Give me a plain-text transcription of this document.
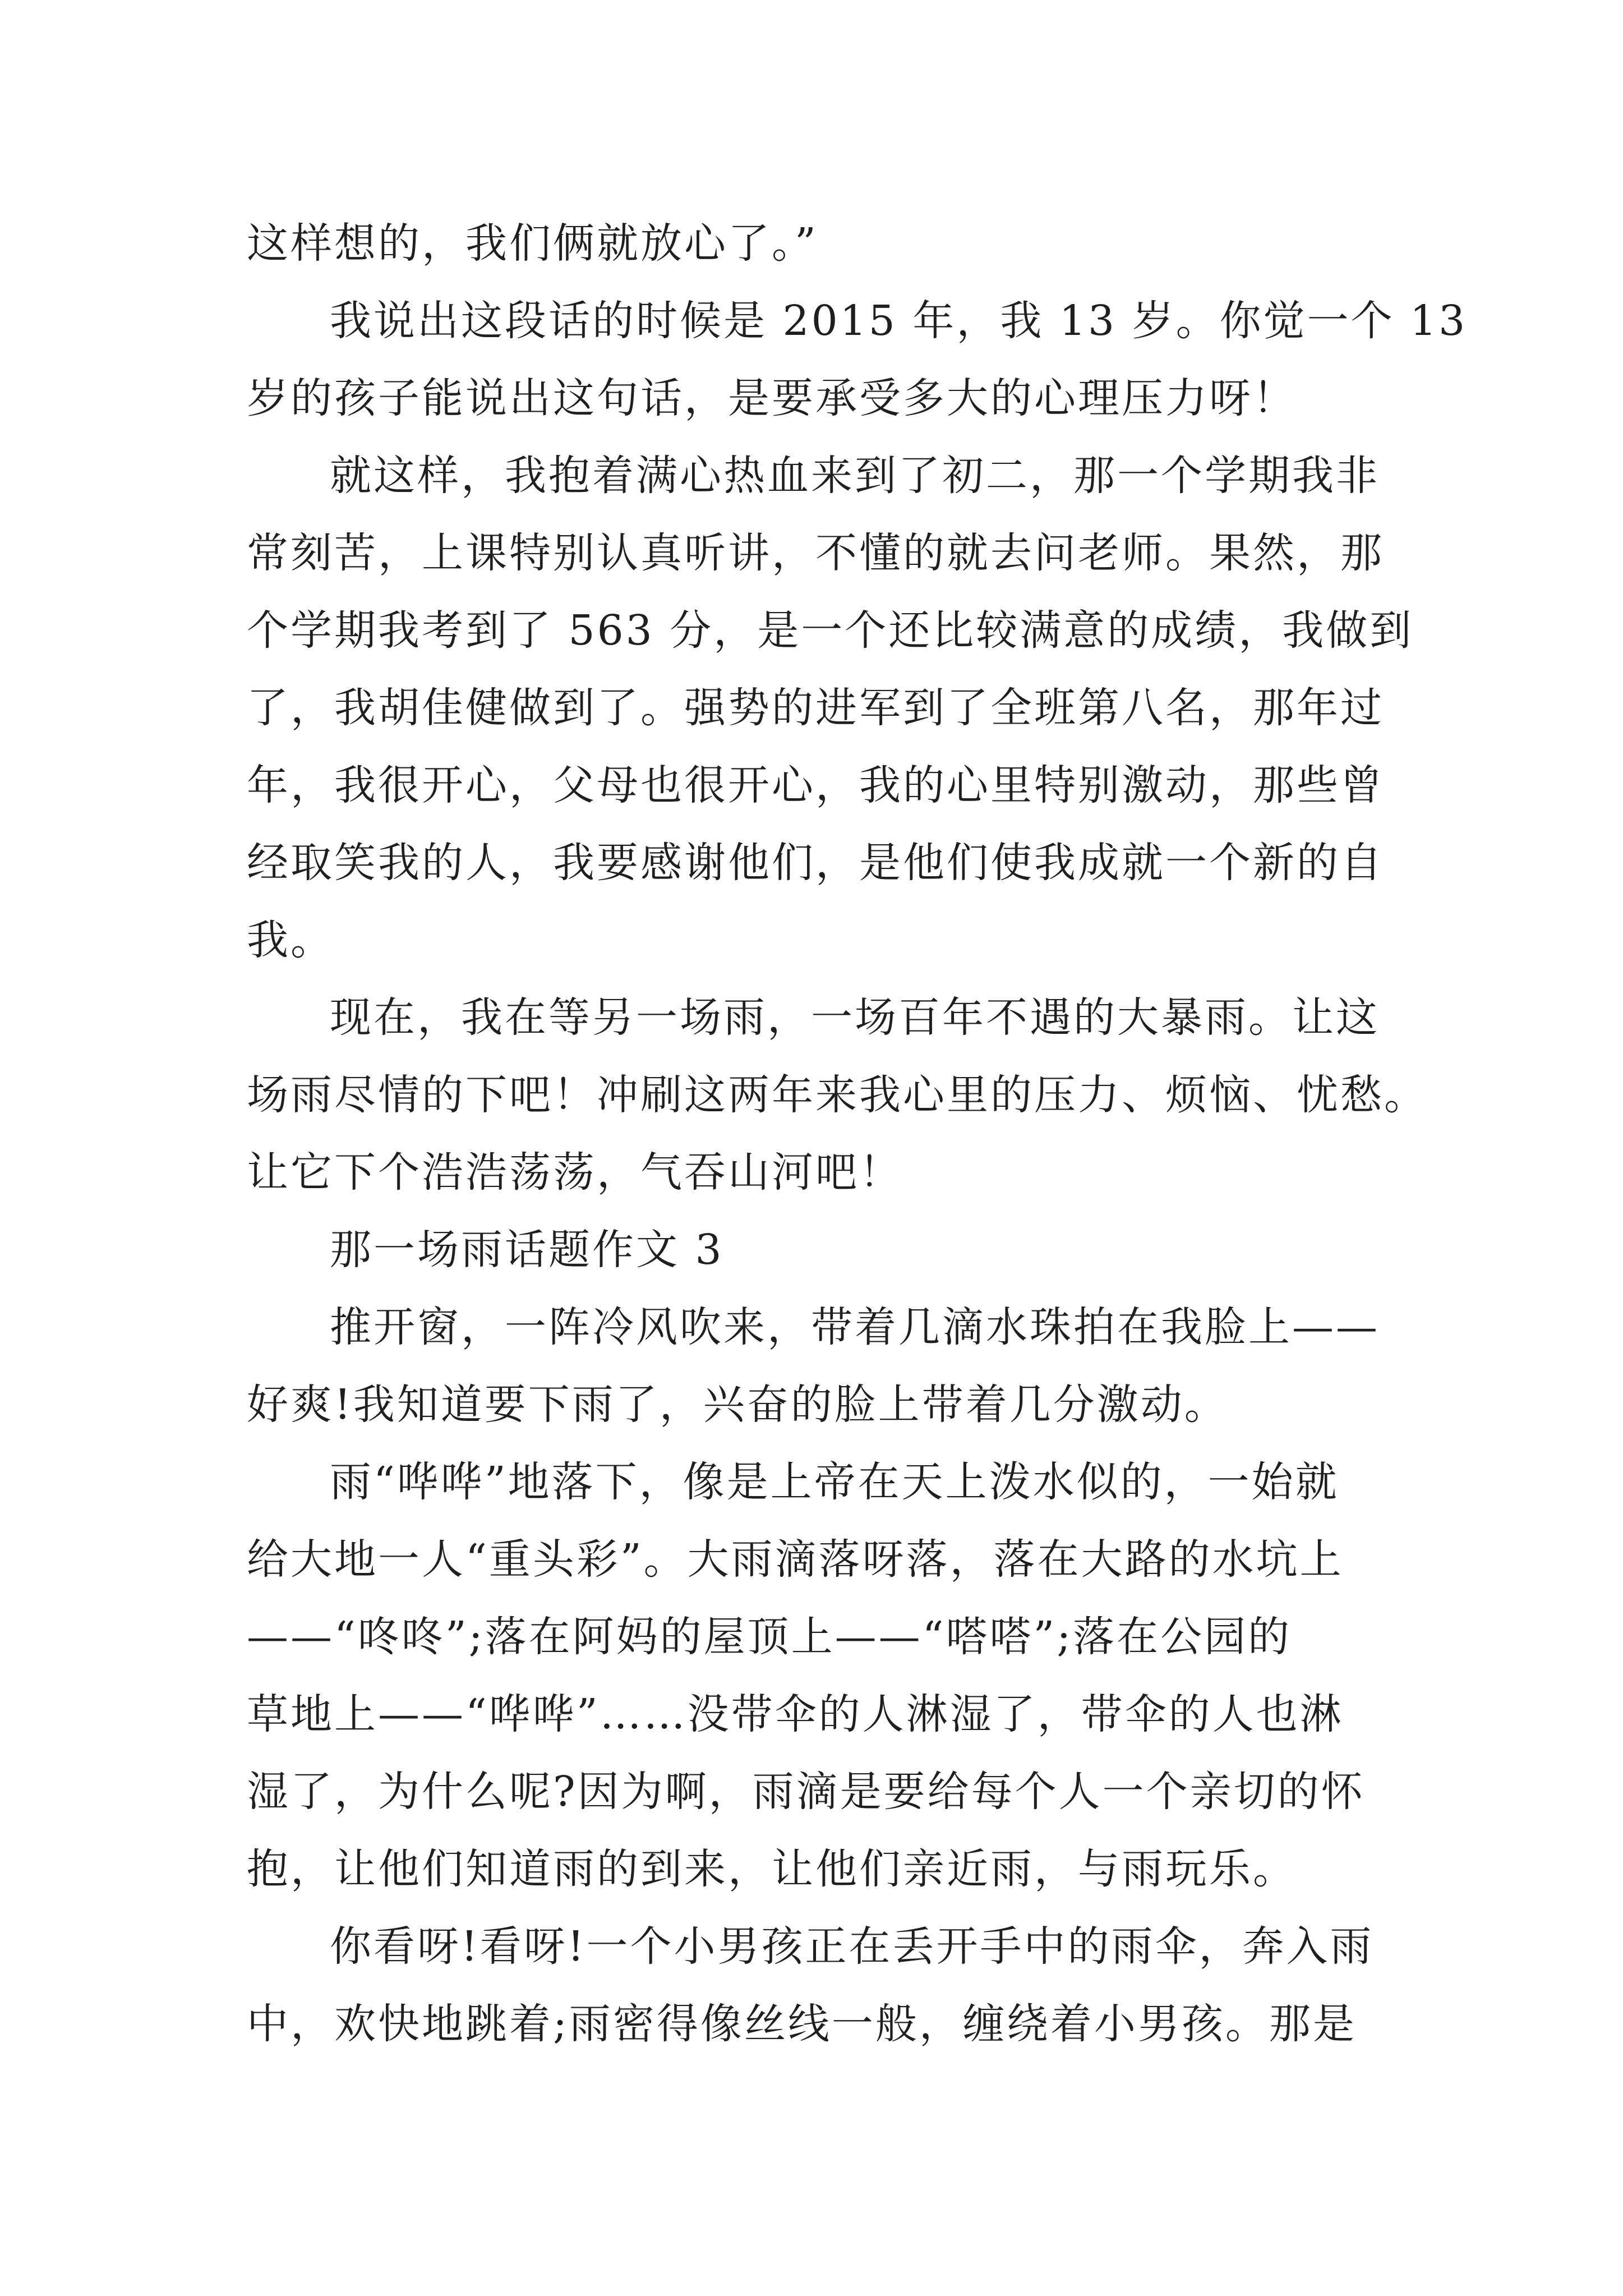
这样想的，我们俩就放心了。”
我说出这段话的时候是 2015 年，我 13 岁。你觉一个 13
岁的孩子能说出这句话，是要承受多大的心理压力呀！
就这样，我抱着满心热血来到了初二，那一个学期我非
常刻苦，上课特别认真听讲，不懂的就去问老师。果然，那
个学期我考到了 563 分，是一个还比较满意的成绩，我做到
了，我胡佳健做到了。强势的进军到了全班第八名，那年过
年，我很开心，父母也很开心，我的心里特别激动，那些曾
经取笑我的人，我要感谢他们，是他们使我成就一个新的自
我。
现在，我在等另一场雨，一场百年不遇的大暴雨。让这
场雨尽情的下吧！冲刷这两年来我心里的压力、烦恼、忧愁。
让它下个浩浩荡荡，气吞山河吧！
那一场雨话题作文 3
推开窗，一阵冷风吹来，带着几滴水珠拍在我脸上——
好爽!我知道要下雨了，兴奋的脸上带着几分激动。
雨“哗哗”地落下，像是上帝在天上泼水似的，一始就
给大地一人“重头彩”。大雨滴落呀落，落在大路的水坑上
——“咚咚”;落在阿妈的屋顶上——“嗒嗒”;落在公园的
草地上——“哗哗”……没带伞的人淋湿了，带伞的人也淋
湿了，为什么呢?因为啊，雨滴是要给每个人一个亲切的怀
抱，让他们知道雨的到来，让他们亲近雨，与雨玩乐。
你看呀!看呀!一个小男孩正在丢开手中的雨伞，奔入雨
中，欢快地跳着;雨密得像丝线一般，缠绕着小男孩。那是
